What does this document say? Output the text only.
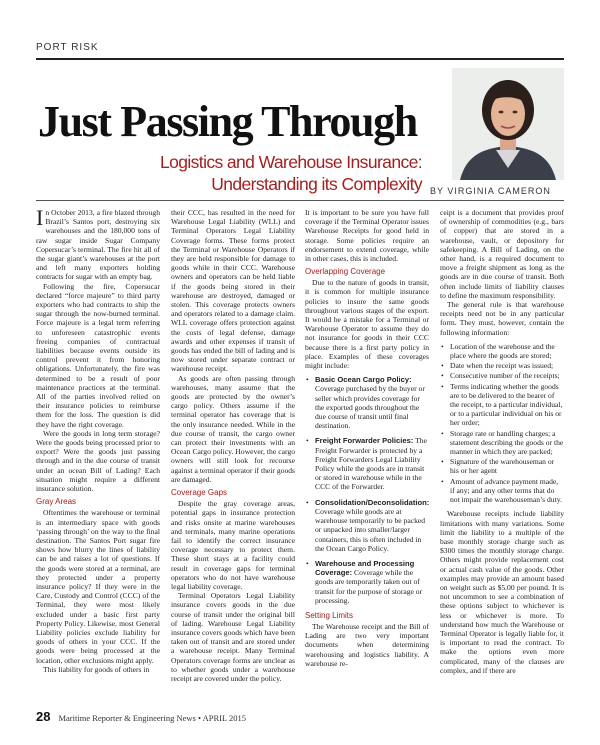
PORT RISK
Just Passing Through
Logistics and Warehouse Insurance:
Understanding its Complexity BY VIRGINIA CAMERON

In October 2013, a fire blazed through Brazil’s Santos port, destroying six warehouses and the 180,000 tons of raw sugar inside Sugar Company Copersucar’s terminal. The fire hit all of the sugar giant’s warehouses at the port and left many exporters holding contracts for sugar with an empty bag.

Following the fire, Copersucar declared “force majeure” to third party exporters who had contracts to ship the sugar through the now-burned terminal. Force majeure is a legal term referring to unforeseen catastrophic events freeing companies of contractual liabilities because events outside its control prevent it from honoring obligations. Unfortunately, the fire was determined to be a result of poor maintenance practices at the terminal. All of the parties involved relied on their insurance policies to reimburse them for the loss. The question is did they have the right coverage.

Were the goods in long term storage? Were the goods being processed prior to export? Were the goods just passing through and in the due course of transit under an ocean Bill of Lading? Each situation might require a different insurance solution.

Gray Areas

Oftentimes the warehouse or terminal is an intermediary space with goods ‘passing through’ on the way to the final destination. The Santos Port sugar fire shows how blurry the lines of liability can be and raises a lot of questions. If the goods were stored at a terminal, are they protected under a property insurance policy? If they were in the Care, Custody and Control (CCC) of the Terminal, they were most likely excluded under a basic first party Property Policy. Likewise, most General Liability policies exclude liability for goods of others in your CCC. If the goods were being processed at the location, other exclusions might apply.

This liability for goods of others in

their CCC, has resulted in the need for Warehouse Legal Liability (WLL) and Terminal Operators Legal Liability Coverage forms. These forms protect the Terminal or Warehouse Operators if they are held responsible for damage to goods while in their CCC. Warehouse owners and operators can be held liable if the goods being stored in their warehouse are destroyed, damaged or stolen. This coverage protects owners and operators related to a damage claim. WLL coverage offers protection against the costs of legal defense, damage awards and other expenses if transit of goods has ended the bill of lading and is now stored under separate contract or warehouse receipt.

As goods are often passing through warehouses, many assume that the goods are protected by the owner’s cargo policy. Others assume if the terminal operator has coverage that is the only insurance needed. While in the due course of transit, the cargo owner can protect their investments with an Ocean Cargo policy. However, the cargo owners will still look for recourse against a terminal operator if their goods are damaged.

Coverage Gaps

Despite the gray coverage areas, potential gaps in insurance protection and risks onsite at marine warehouses and terminals, many marine operations fail to identify the correct insurance coverage necessary to protect them. These short stays at a facility could result in coverage gaps for terminal operators who do not have warehouse legal liability coverage.

Terminal Operators Legal Liability insurance covers goods in the due course of transit under the original bill of lading. Warehouse Legal Liability insurance covers goods which have been taken out of transit and are stored under a warehouse receipt. Many Terminal Operators coverage forms are unclear as to whether goods under a warehouse receipt are covered under the policy.

It is important to be sure you have full coverage if the Terminal Operator issues Warehouse Receipts for good held in storage. Some policies require an endorsement to extend coverage, while in other cases, this is included.

Overlapping Coverage

Due to the nature of goods in transit, it is common for multiple insurance policies to insure the same goods throughout various stages of the export. It would be a mistake for a Terminal or Warehouse Operator to assume they do not insurance for goods in their CCC because there is a first party policy in place. Examples of these coverages might include:

• Basic Ocean Cargo Policy: Coverage purchased by the buyer or seller which provides coverage for the exported goods throughout the due course of transit until final destination.
• Freight Forwarder Policies: The Freight Forwarder is protected by a Freight Forwarders Legal Liability Policy while the goods are in transit or stored in warehouse while in the CCC of the Forwarder.
• Consolidation/Deconsolidation: Coverage while goods are at warehouse temporarily to be packed or unpacked into smaller/larger containers, this is often included in the Ocean Cargo Policy.
• Warehouse and Processing Coverage: Coverage while the goods are temporarily taken out of transit for the purpose of storage or processing.
Setting Limits

The Warehouse receipt and the Bill of Lading are two very important documents when determining warehousing and logistics liability. A warehouse re-

ceipt is a document that provides proof of ownership of commodities (e.g., bars of copper) that are stored in a warehouse, vault, or depository for safekeeping. A Bill of Lading, on the other hand, is a required document to move a freight shipment as long as the goods are in due course of transit. Both often include limits of liability clauses to define the maximum responsibility.

The general rule is that warehouse receipts need not be in any particular form. They must, however, contain the following information:

• Location of the warehouse and the place where the goods are stored;
• Date when the receipt was issued;
• Consecutive number of the receipts;
• Terms indicating whether the goods are to be delivered to the bearer of the receipt, to a particular individual, or to a particular individual on his or her order;
• Storage rate or handling charges; a statement describing the goods or the manner in which they are packed;
• Signature of the warehouseman or his or her agent
• Amount of advance payment made, if any; and any other terms that do not impair the warehouseman’s duty.

Warehouse receipts include liability limitations with many variations. Some limit the liability to a multiple of the base monthly storage charge such as $300 times the monthly storage charge. Others might provide replacement cost or actual cash value of the goods. Other examples may provide an amount based on weight such as $5.00 per pound. It is not uncommon to see a combination of these options subject to whichever is less or whichever is more. To understand how much the Warehouse or Terminal Operator is legally liable for, it is important to read the contract. To make the options even more complicated, many of the clauses are complex, and if there are

28 Maritime Reporter & Engineering News • APRIL 2015
